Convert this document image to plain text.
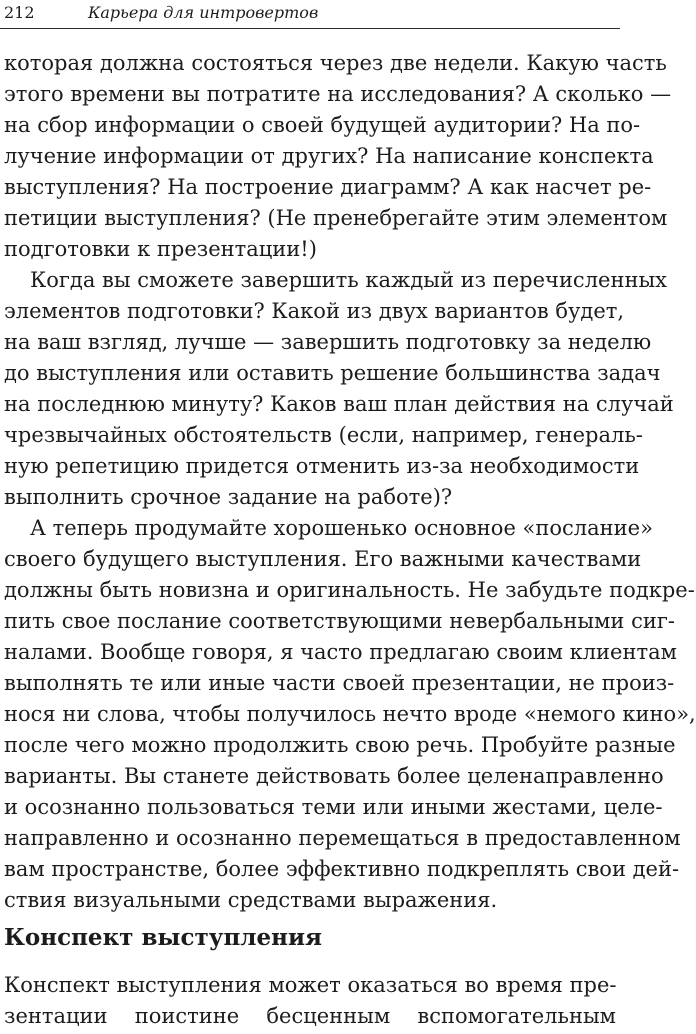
212	Карьера для интровертов
которая должна состояться через две недели. Какую часть
этого времени вы потратите на исследования? А сколько —
на сбор информации о своей будущей аудитории? На по-
лучение информации от других? На написание конспекта
выступления? На построение диаграмм? А как насчет ре-
петиции выступления? (Не пренебрегайте этим элементом
подготовки к презентации!)
Когда вы сможете завершить каждый из перечисленных
элементов подготовки? Какой из двух вариантов будет,
на ваш взгляд, лучше — завершить подготовку за неделю
до выступления или оставить решение большинства задач
на последнюю минуту? Каков ваш план действия на случай
чрезвычайных обстоятельств (если, например, генераль-
ную репетицию придется отменить из-за необходимости
выполнить срочное задание на работе)?
А теперь продумайте хорошенько основное «послание»
своего будущего выступления. Его важными качествами
должны быть новизна и оригинальность. Не забудьте подкре-
пить свое послание соответствующими невербальными сиг-
налами. Вообще говоря, я часто предлагаю своим клиентам
выполнять те или иные части своей презентации, не произ-
нося ни слова, чтобы получилось нечто вроде «немого кино»,
после чего можно продолжить свою речь. Пробуйте разные
варианты. Вы станете действовать более целенаправленно
и осознанно пользоваться теми или иными жестами, целе-
направленно и осознанно перемещаться в предоставленном
вам пространстве, более эффективно подкреплять свои дей-
ствия визуальными средствами выражения.
Конспект выступления
Конспект выступления может оказаться во время пре-
зентации поистине бесценным вспомогательным
